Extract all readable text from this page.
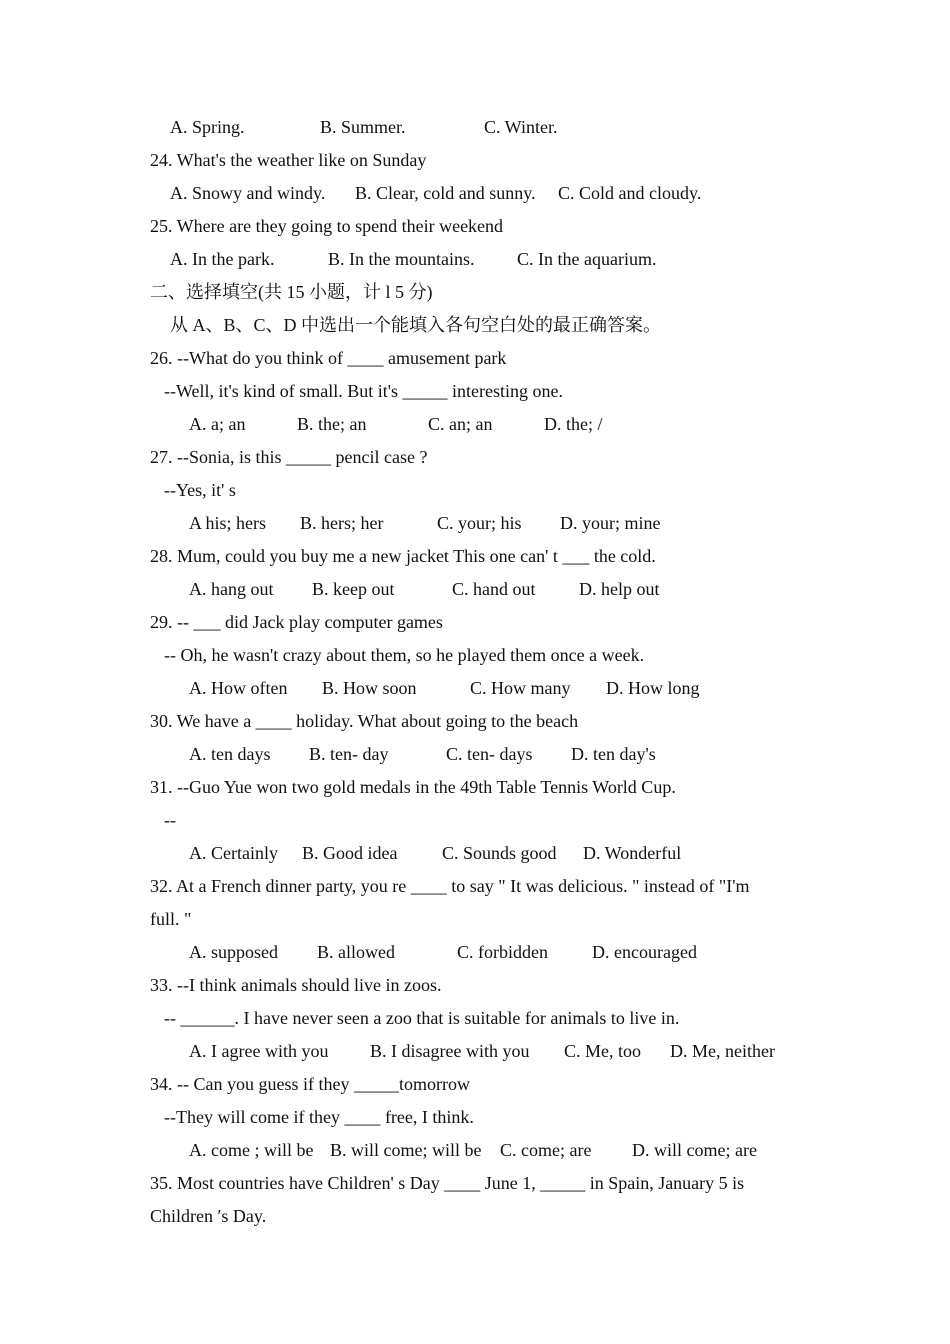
A. Spring.	B. Summer.	C. Winter.
24. What's the weather like on Sunday
A. Snowy and windy. B. Clear, cold and sunny. C. Cold and cloudy.
25. Where are they going to spend their weekend
A. In the park.	B. In the mountains. C. In the aquarium.
二、选择填空(共 15 小题，计 l 5 分)
从 A、B、C、D 中选出一个能填入各句空白处的最正确答案。
26. --What do you think of ____ amusement park
--Well, it's kind of small. But it's _____ interesting one.
A. a; an	B. the; an	C. an; an	D. the; /
27. --Sonia, is this _____ pencil case ?
--Yes, it' s
A his; hers B. hers; her	C. your; his D. your; mine
28. Mum, could you buy me a new jacket This one can' t ___ the cold.
A. hang out B. keep out	C. hand out D. help out
29. -- ___ did Jack play computer games
-- Oh, he wasn't crazy about them, so he played them once a week.
A. How often B. How soon	C. How many D. How long
30. We have a ____ holiday. What about going to the beach
A. ten days B. ten- day	C. ten- days D. ten day's
31. --Guo Yue won two gold medals in the 49th Table Tennis World Cup.
--
A. Certainly B. Good idea C. Sounds good D. Wonderful
32. At a French dinner party, you re ____ to say " It was delicious. " instead of "I'm
full. "
A. supposed B. allowed	C. forbidden D. encouraged
33. --I think animals should live in zoos.
-- ______. I have never seen a zoo that is suitable for animals to live in.
A. I agree with you B. I disagree with you C. Me, too D. Me, neither
34. -- Can you guess if they _____tomorrow
--They will come if they ____ free, I think.
A. come ; will be B. will come; will be C. come; are D. will come; are
35. Most countries have Children' s Day ____ June 1, _____ in Spain, January 5 is
Children ′s Day.
